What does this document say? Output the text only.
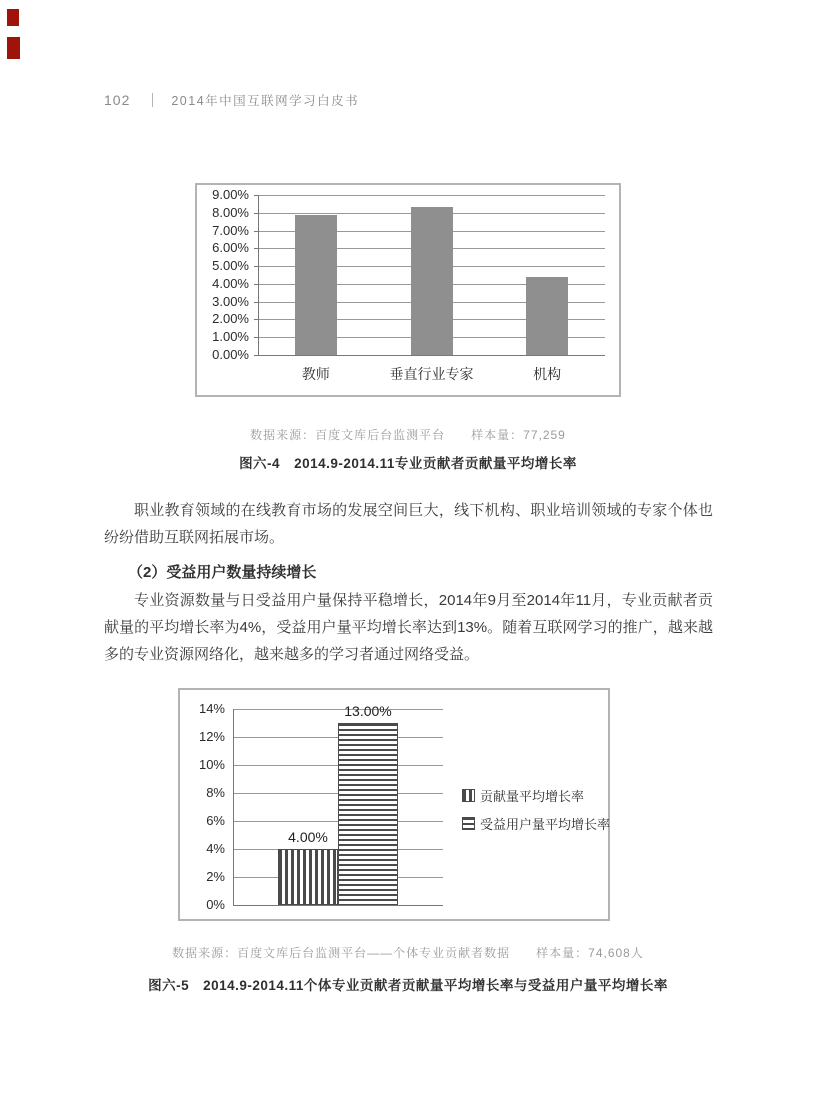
102	2014年中国互联网学习白皮书
0.00%
1.00%
2.00%
3.00%
4.00%
5.00%
6.00%
7.00%
8.00%
9.00%
教师	垂直行业专家	机构
数据来源：百度文库后台监测平台　　样本量：77,259
图六-4　2014.9-2014.11专业贡献者贡献量平均增长率

职业教育领域的在线教育市场的发展空间巨大，线下机构、职业培训领域的专家个体也纷纷借助互联网拓展市场。

（2）受益用户数量持续增长

专业资源数量与日受益用户量保持平稳增长，2014年9月至2014年11月，专业贡献者贡献量的平均增长率为4%，受益用户量平均增长率达到13%。随着互联网学习的推广，越来越多的专业资源网络化，越来越多的学习者通过网络受益。

0%
2%
4%
6%
8%
10%
12%
14%
4.00%
13.00%
贡献量平均增长率
受益用户量平均增长率
数据来源：百度文库后台监测平台——个体专业贡献者数据　　样本量：74,608人
图六-5　2014.9-2014.11个体专业贡献者贡献量平均增长率与受益用户量平均增长率
